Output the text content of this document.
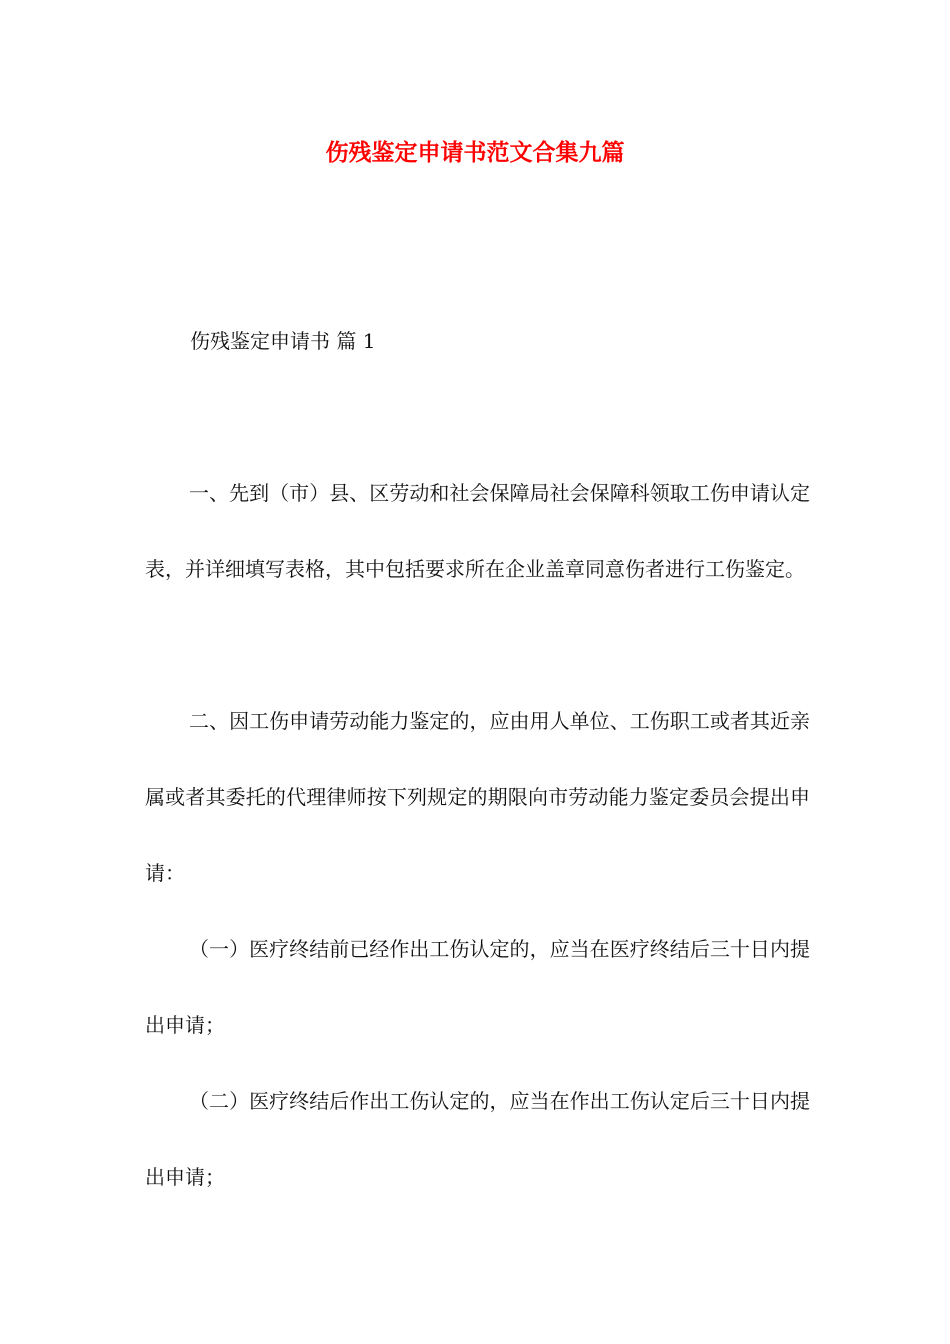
伤残鉴定申请书范文合集九篇
伤残鉴定申请书 篇 1

一、先到（市）县、区劳动和社会保障局社会保障科领取工伤申请认定表，并详细填写表格，其中包括要求所在企业盖章同意伤者进行工伤鉴定。

二、因工伤申请劳动能力鉴定的，应由用人单位、工伤职工或者其近亲属或者其委托的代理律师按下列规定的期限向市劳动能力鉴定委员会提出申请：

（一）医疗终结前已经作出工伤认定的，应当在医疗终结后三十日内提出申请；

（二）医疗终结后作出工伤认定的，应当在作出工伤认定后三十日内提出申请；
